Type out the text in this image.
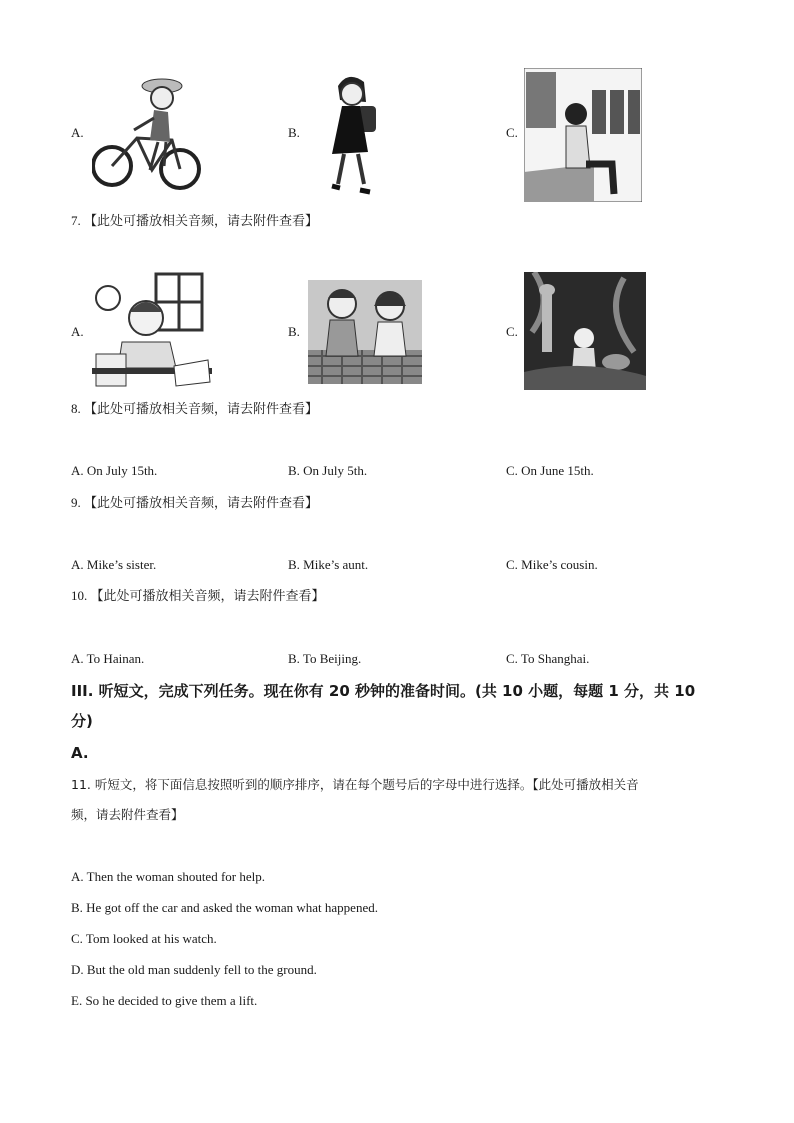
A.	B.	C.
7. 【此处可播放相关音频，请去附件查看】
A.	B.	C.
8. 【此处可播放相关音频，请去附件查看】
A. On July 15th.	B. On July 5th.	C. On June 15th.
9. 【此处可播放相关音频，请去附件查看】
A. Mike’s sister.	B. Mike’s aunt.	C. Mike’s cousin.
10. 【此处可播放相关音频，请去附件查看】
A. To Hainan.	B. To Beijing.	C. To Shanghai.
III. 听短文，完成下列任务。现在你有 20 秒钟的准备时间。(共 10 小题，每题 1 分，共 10
分)
A.
11. 听短文，将下面信息按照听到的顺序排序，请在每个题号后的字母中进行选择。【此处可播放相关音
频，请去附件查看】
A. Then the woman shouted for help.
B. He got off the car and asked the woman what happened.
C. Tom looked at his watch.
D. But the old man suddenly fell to the ground.
E. So he decided to give them a lift.
